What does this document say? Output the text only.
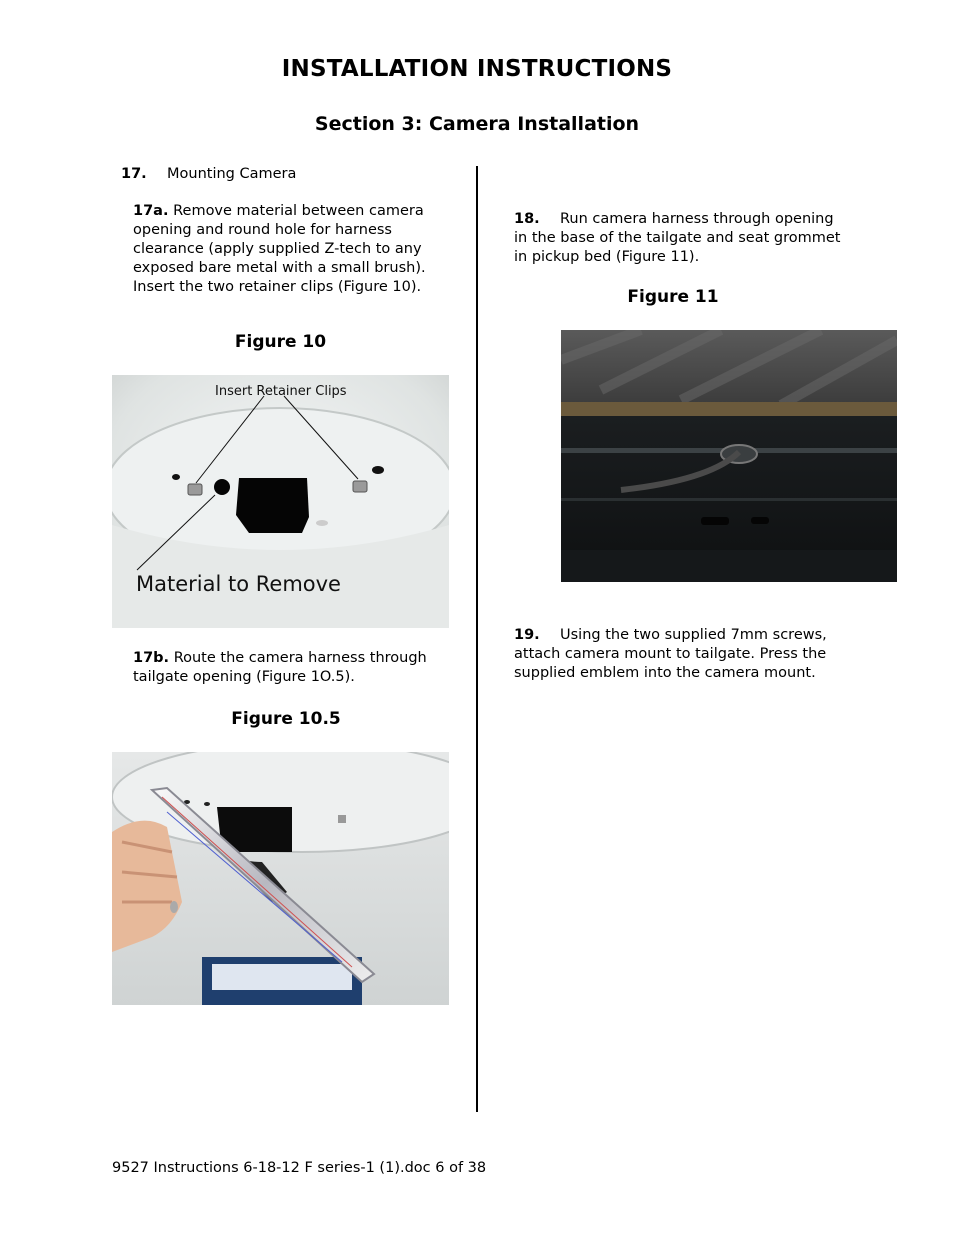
INSTALLATION INSTRUCTIONS
Section 3: Camera Installation
17. Mounting Camera
17a. Remove material between camera opening and round hole for harness clearance (apply supplied Z-tech to any exposed bare metal with a small brush). Insert the two retainer clips (Figure 10).
Figure 10
Insert Retainer Clips
Material to Remove
17b. Route the camera harness through tailgate opening (Figure 1O.5).
Figure 10.5
18. Run camera harness through opening in the base of the tailgate and seat grommet in pickup bed (Figure 11).
Figure 11
19. Using the two supplied 7mm screws, attach camera mount to tailgate. Press the supplied emblem into the camera mount.
9527 Instructions 6-18-12 F series-1 (1).doc 6 of 38
